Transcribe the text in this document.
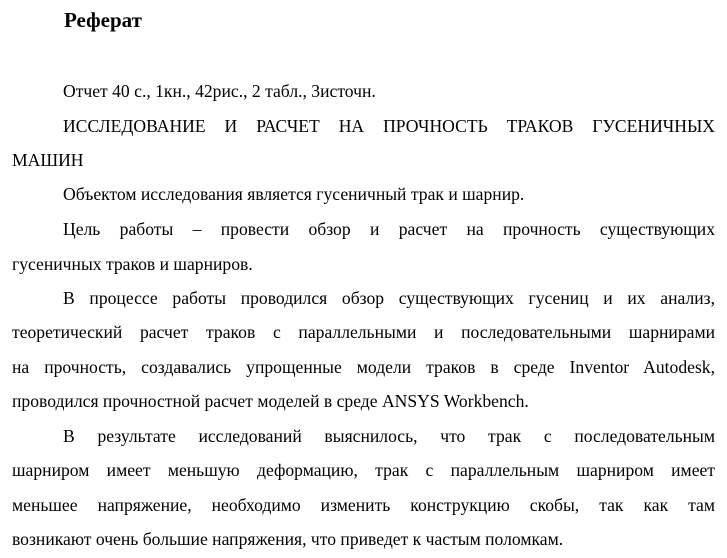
Реферат

Отчет 40 с., 1кн., 42рис., 2 табл., 3источн.

ИССЛЕДОВАНИЕ И РАСЧЕТ НА ПРОЧНОСТЬ ТРАКОВ ГУСЕНИЧНЫХ

МАШИН

Объектом исследования является гусеничный трак и шарнир.

Цель работы – провести обзор и расчет на прочность существующих

гусеничных траков и шарниров.

В процессе работы проводился обзор существующих гусениц и их анализ,

теоретический расчет траков с параллельными и последовательными шарнирами

на прочность, создавались упрощенные модели траков в среде Inventor Autodesk,

проводился прочностной расчет моделей в среде ANSYS Workbench.

В результате исследований выяснилось, что трак с последовательным

шарниром имеет меньшую деформацию, трак с параллельным шарниром имеет

меньшее напряжение, необходимо изменить конструкцию скобы, так как там

возникают очень большие напряжения, что приведет к частым поломкам.
